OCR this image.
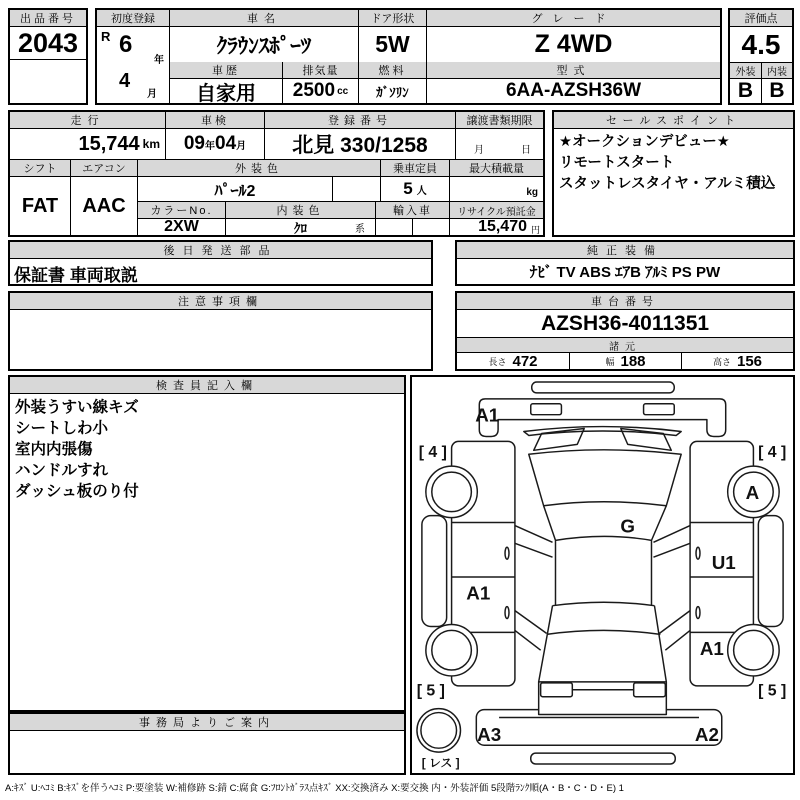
出品番号
2043
初度登録
R 6
年
4
月
車名
ｸﾗｳﾝｽﾎﾟｰﾂ
車歴
自家用
排気量
2500 cc
ドア形状
5W
燃料
ｶﾞｿﾘﾝ
グレード
Z 4WD
型式
6AA-AZSH36W
評価点
4.5
外装	内装
B B
走行
15,744 km
車検
09 年 04 月
登録番号
北見 330/1258
譲渡書類期限
月	日
シフト	エアコン
FAT	AAC
外装色	乗車定員	最大積載量
ﾊﾟｰﾙ2	5 人	kg
カラーNo.	内装色	輸入車	リサイクル預託金
2XW	ｸﾛ	系	15,470 円
セールスポイント
★オークションデビュー★
リモートスタート
スタットレスタイヤ・アルミ積込
後日発送部品
保証書 車両取説
純正装備
ﾅﾋﾞ TV ABS ｴｱB ｱﾙﾐ PS PW
注意事項欄	車台番号
AZSH36-4011351
諸元
長さ 472	幅 188	高さ 156
検査員記入欄
外装うすい線キズ
シートしわ小
室内内張傷
ハンドルすれ
ダッシュ板のり付
事務局よりご案内
A1
[ 4 ]	[ 4 ]
A
G
U1
A1
A1
[ 5 ]	[ 5 ]
A3	A2
[ レス ]
A:ｷｽﾞ U:ﾍｺﾐ B:ｷｽﾞを伴うﾍｺﾐ P:要塗装 W:補修跡 S:錆 C:腐食 G:ﾌﾛﾝﾄｶﾞﾗｽ点ｷｽﾞ XX:交換済み X:要交換 内・外装評価 5段階ﾗﾝｸ順(A・B・C・D・E) 1
